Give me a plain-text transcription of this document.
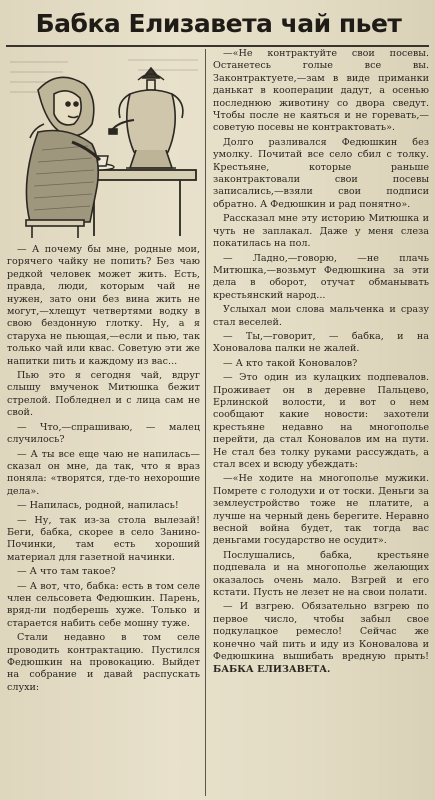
Бабка Елизавета чай пьет

— А почему бы мне, родные мои, горячего чайку не попить? Без чаю редкой человек может жить. Есть, правда, люди, которым чай не нужен, зато они без вина жить не могут,—хлещут четвертями водку в свою бездонную глотку. Ну, а я старуха не пьющая,—если и пью, так только чай или квас. Советую эти же напитки пить и каждому из вас...

Пью это я сегодня чай, вдруг слышу вмученок Митюшка бежит стрелой. Побледнел и с лица сам не свой.

— Что,—спрашиваю, — малец случилось?

— А ты все еще чаю не напилась—сказал он мне, да так, что я враз поняла: «творятся, где-то нехорошие дела».

— Напилась, родной, напилась!

— Ну, так из-за стола вылезай! Беги, бабка, скорее в село Занино-Починки, там есть хороший материал для газетной начинки.

— А что там такое?

— А вот, что, бабка: есть в том селе член сельсовета Федюшкин. Парень, вряд-ли подберешь хуже. Только и старается набить себе мошну туже.

Стали недавно в том селе проводить контрактацию. Пустился Федюшкин на провокацию. Выйдет на собрание и давай распускать слухи:

—«Не контрактуйте свои посевы. Останетесь голые все вы. Законтрактуете,—зам в виде приманки данькат в кооперации дадут, а осенью последнюю животину со двора сведут. Чтобы после не каяться и не горевать,—советую посевы не контрактовать».

Долго разливался Федюшкин без умолку. Почитай все село сбил с толку. Крестьяне, которые раньше законтрактовали свои посевы записались,—взяли свои подписи обратно. А Федюшкин и рад понятно».

Рассказал мне эту историю Митюшка и чуть не заплакал. Даже у меня слеза покатилась на пол.

— Ладно,—говорю, —не плачь Митюшка,—возьмут Федюшкина за эти дела в оборот, отучат обманывать крестьянский народ...

Услыхал мои слова мальченка и сразу стал веселей.

— Ты,—говорит, — бабка, и на Хоновалова палки не жалей.

— А кто такой Коновалов?

— Это один из кулацких подпевалов. Проживает он в деревне Пальцево, Ерлинской волости, и вот о нем сообщают какие новости: захотели крестьяне недавно на многополье перейти, да стал Коновалов им на пути. Не стал без толку руками рассуждать, а стал всех и всюду убеждать:

—«Не ходите на многополье мужики. Помрете с голодухи и от тоски. Деньги за землеустройство тоже не платите, а лучше на черный день берегите. Неравно весной война будет, так тогда вас деньгами государство не осудит».

Послушались, бабка, крестьяне подпевала и на многополье желающих оказалось очень мало. Взгрей и его кстати. Пусть не лезет не на свои полати.

— И взгрею. Обязательно взгрею по первое число, чтобы забыл свое подкулацкое ремесло! Сейчас же конечно чай пить и иду из Коновалова и Федюшкина вышибать вредную прыть! БАБКА ЕЛИЗАВЕТА.
